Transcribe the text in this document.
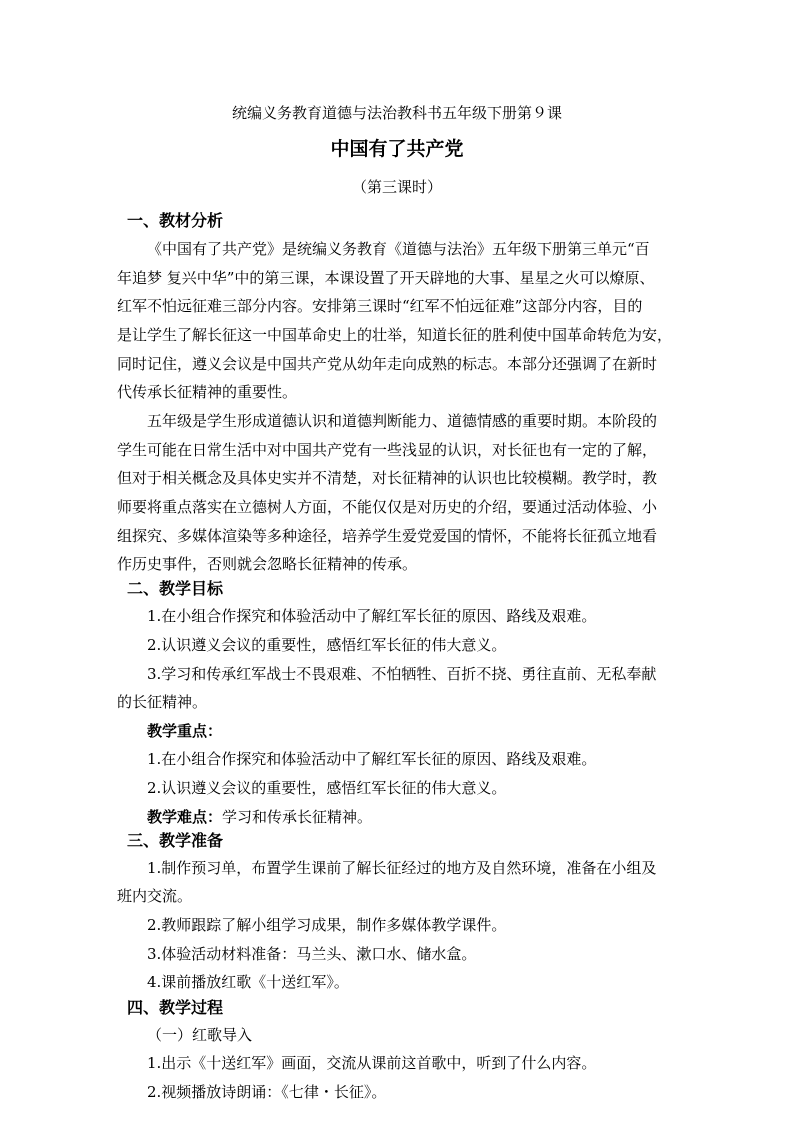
统编义务教育道德与法治教科书五年级下册第９课
中国有了共产党
（第三课时）
一、教材分析
《中国有了共产党》是统编义务教育《道德与法治》五年级下册第三单元“百
年追梦 复兴中华”中的第三课，本课设置了开天辟地的大事、星星之火可以燎原、
红军不怕远征难三部分内容。安排第三课时“红军不怕远征难”这部分内容，目的
是让学生了解长征这一中国革命史上的壮举，知道长征的胜利使中国革命转危为安，
同时记住，遵义会议是中国共产党从幼年走向成熟的标志。本部分还强调了在新时
代传承长征精神的重要性。
五年级是学生形成道德认识和道德判断能力、道德情感的重要时期。本阶段的
学生可能在日常生活中对中国共产党有一些浅显的认识，对长征也有一定的了解，
但对于相关概念及具体史实并不清楚，对长征精神的认识也比较模糊。教学时，教
师要将重点落实在立德树人方面，不能仅仅是对历史的介绍，要通过活动体验、小
组探究、多媒体渲染等多种途径，培养学生爱党爱国的情怀，不能将长征孤立地看
作历史事件，否则就会忽略长征精神的传承。
二、教学目标
1.在小组合作探究和体验活动中了解红军长征的原因、路线及艰难。
2.认识遵义会议的重要性，感悟红军长征的伟大意义。
3.学习和传承红军战士不畏艰难、不怕牺牲、百折不挠、勇往直前、无私奉献
的长征精神。
教学重点：
1.在小组合作探究和体验活动中了解红军长征的原因、路线及艰难。
2.认识遵义会议的重要性，感悟红军长征的伟大意义。
教学难点：学习和传承长征精神。
三、教学准备
1.制作预习单，布置学生课前了解长征经过的地方及自然环境，准备在小组及
班内交流。
2.教师跟踪了解小组学习成果，制作多媒体教学课件。
3.体验活动材料准备：马兰头、漱口水、储水盒。
4.课前播放红歌《十送红军》。
四、教学过程
（一）红歌导入
1.出示《十送红军》画面，交流从课前这首歌中，听到了什么内容。
2.视频播放诗朗诵：《七律・长征》。
